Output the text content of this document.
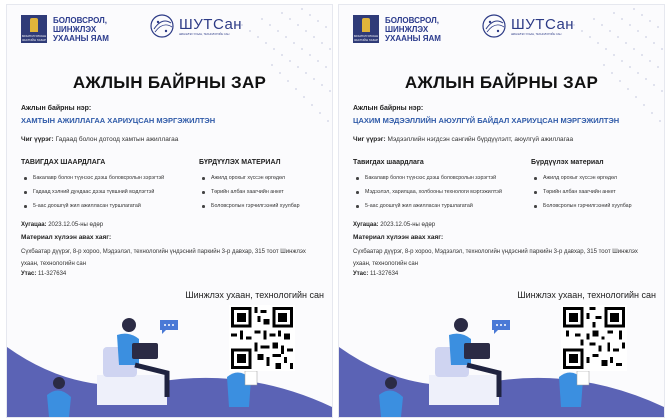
МОНГОЛ УЛСЫН ЗАСГИЙН ГАЗАР
БОЛОВСРОЛ, ШИНЖЛЭХ УХААНЫ ЯАМ
ШУТСан
ШИНЖЛЭХ УХААН, ТЕХНОЛОГИЙН САН
АЖЛЫН БАЙРНЫ ЗАР
Ажлын байрны нэр:
ХАМТЫН АЖИЛЛАГАА ХАРИУЦСАН МЭРГЭЖИЛТЭН
Чиг үүрэг: Гадаад болон дотоод хамтын ажиллагаа
ТАВИГДАХ ШААРДЛАГА
Бакалавр болон түүнээс дээш боловсролын зэрэгтэй
Гадаад хэлний дундаас дээш түвшний мэдлэгтэй
5-аас доошгүй жил ажилласан туршлагатай
БҮРДҮҮЛЭХ МАТЕРИАЛ
Ажилд орохыг хүссэн өргөдөл
Төрийн албан хаагчийн анкет
Боловсролын гэрчилгээний хуулбар
Хугацаа: 2023.12.05-ны өдөр
Материал хүлээн авах хаяг:
Сүхбаатар дүүрэг, 8-р хороо, Мэдээлэл, технологийн үндэсний паркийн 3-р давхар, 315 тоот Шинжлэх ухаан, технологийн сан
Утас: 11-327634
Шинжлэх ухаан, технологийн сан
МОНГОЛ УЛСЫН ЗАСГИЙН ГАЗАР
БОЛОВСРОЛ, ШИНЖЛЭХ УХААНЫ ЯАМ
ШУТСан
ШИНЖЛЭХ УХААН, ТЕХНОЛОГИЙН САН
АЖЛЫН БАЙРНЫ ЗАР
Ажлын байрны нэр:
ЦАХИМ МЭДЭЭЛЛИЙН АЮУЛГҮЙ БАЙДАЛ ХАРИУЦСАН МЭРГЭЖИЛТЭН
Чиг үүрэг: Мэдээллийн нэгдсэн сангийн бүрдүүлэлт, аюулгүй ажиллагаа
Тавигдах шаардлага
Бакалавр болон түүнээс дээш боловсролын зэрэгтэй
Мэдээлэл, харилцаа, холбооны технологи мэргэжилтэй
5-аас доошгүй жил ажилласан туршлагатай
Бүрдүүлэх материал
Ажилд орохыг хүссэн өргөдөл
Төрийн албан хаагчийн анкет
Боловсролын гэрчилгээний хуулбар
Хугацаа: 2023.12.05-ны өдөр
Материал хүлээн авах хаяг:
Сүхбаатар дүүрэг, 8-р хороо, Мэдээлэл, технологийн үндэсний паркийн 3-р давхар, 315 тоот Шинжлэх ухаан, технологийн сан
Утас: 11-327634
Шинжлэх ухаан, технологийн сан
